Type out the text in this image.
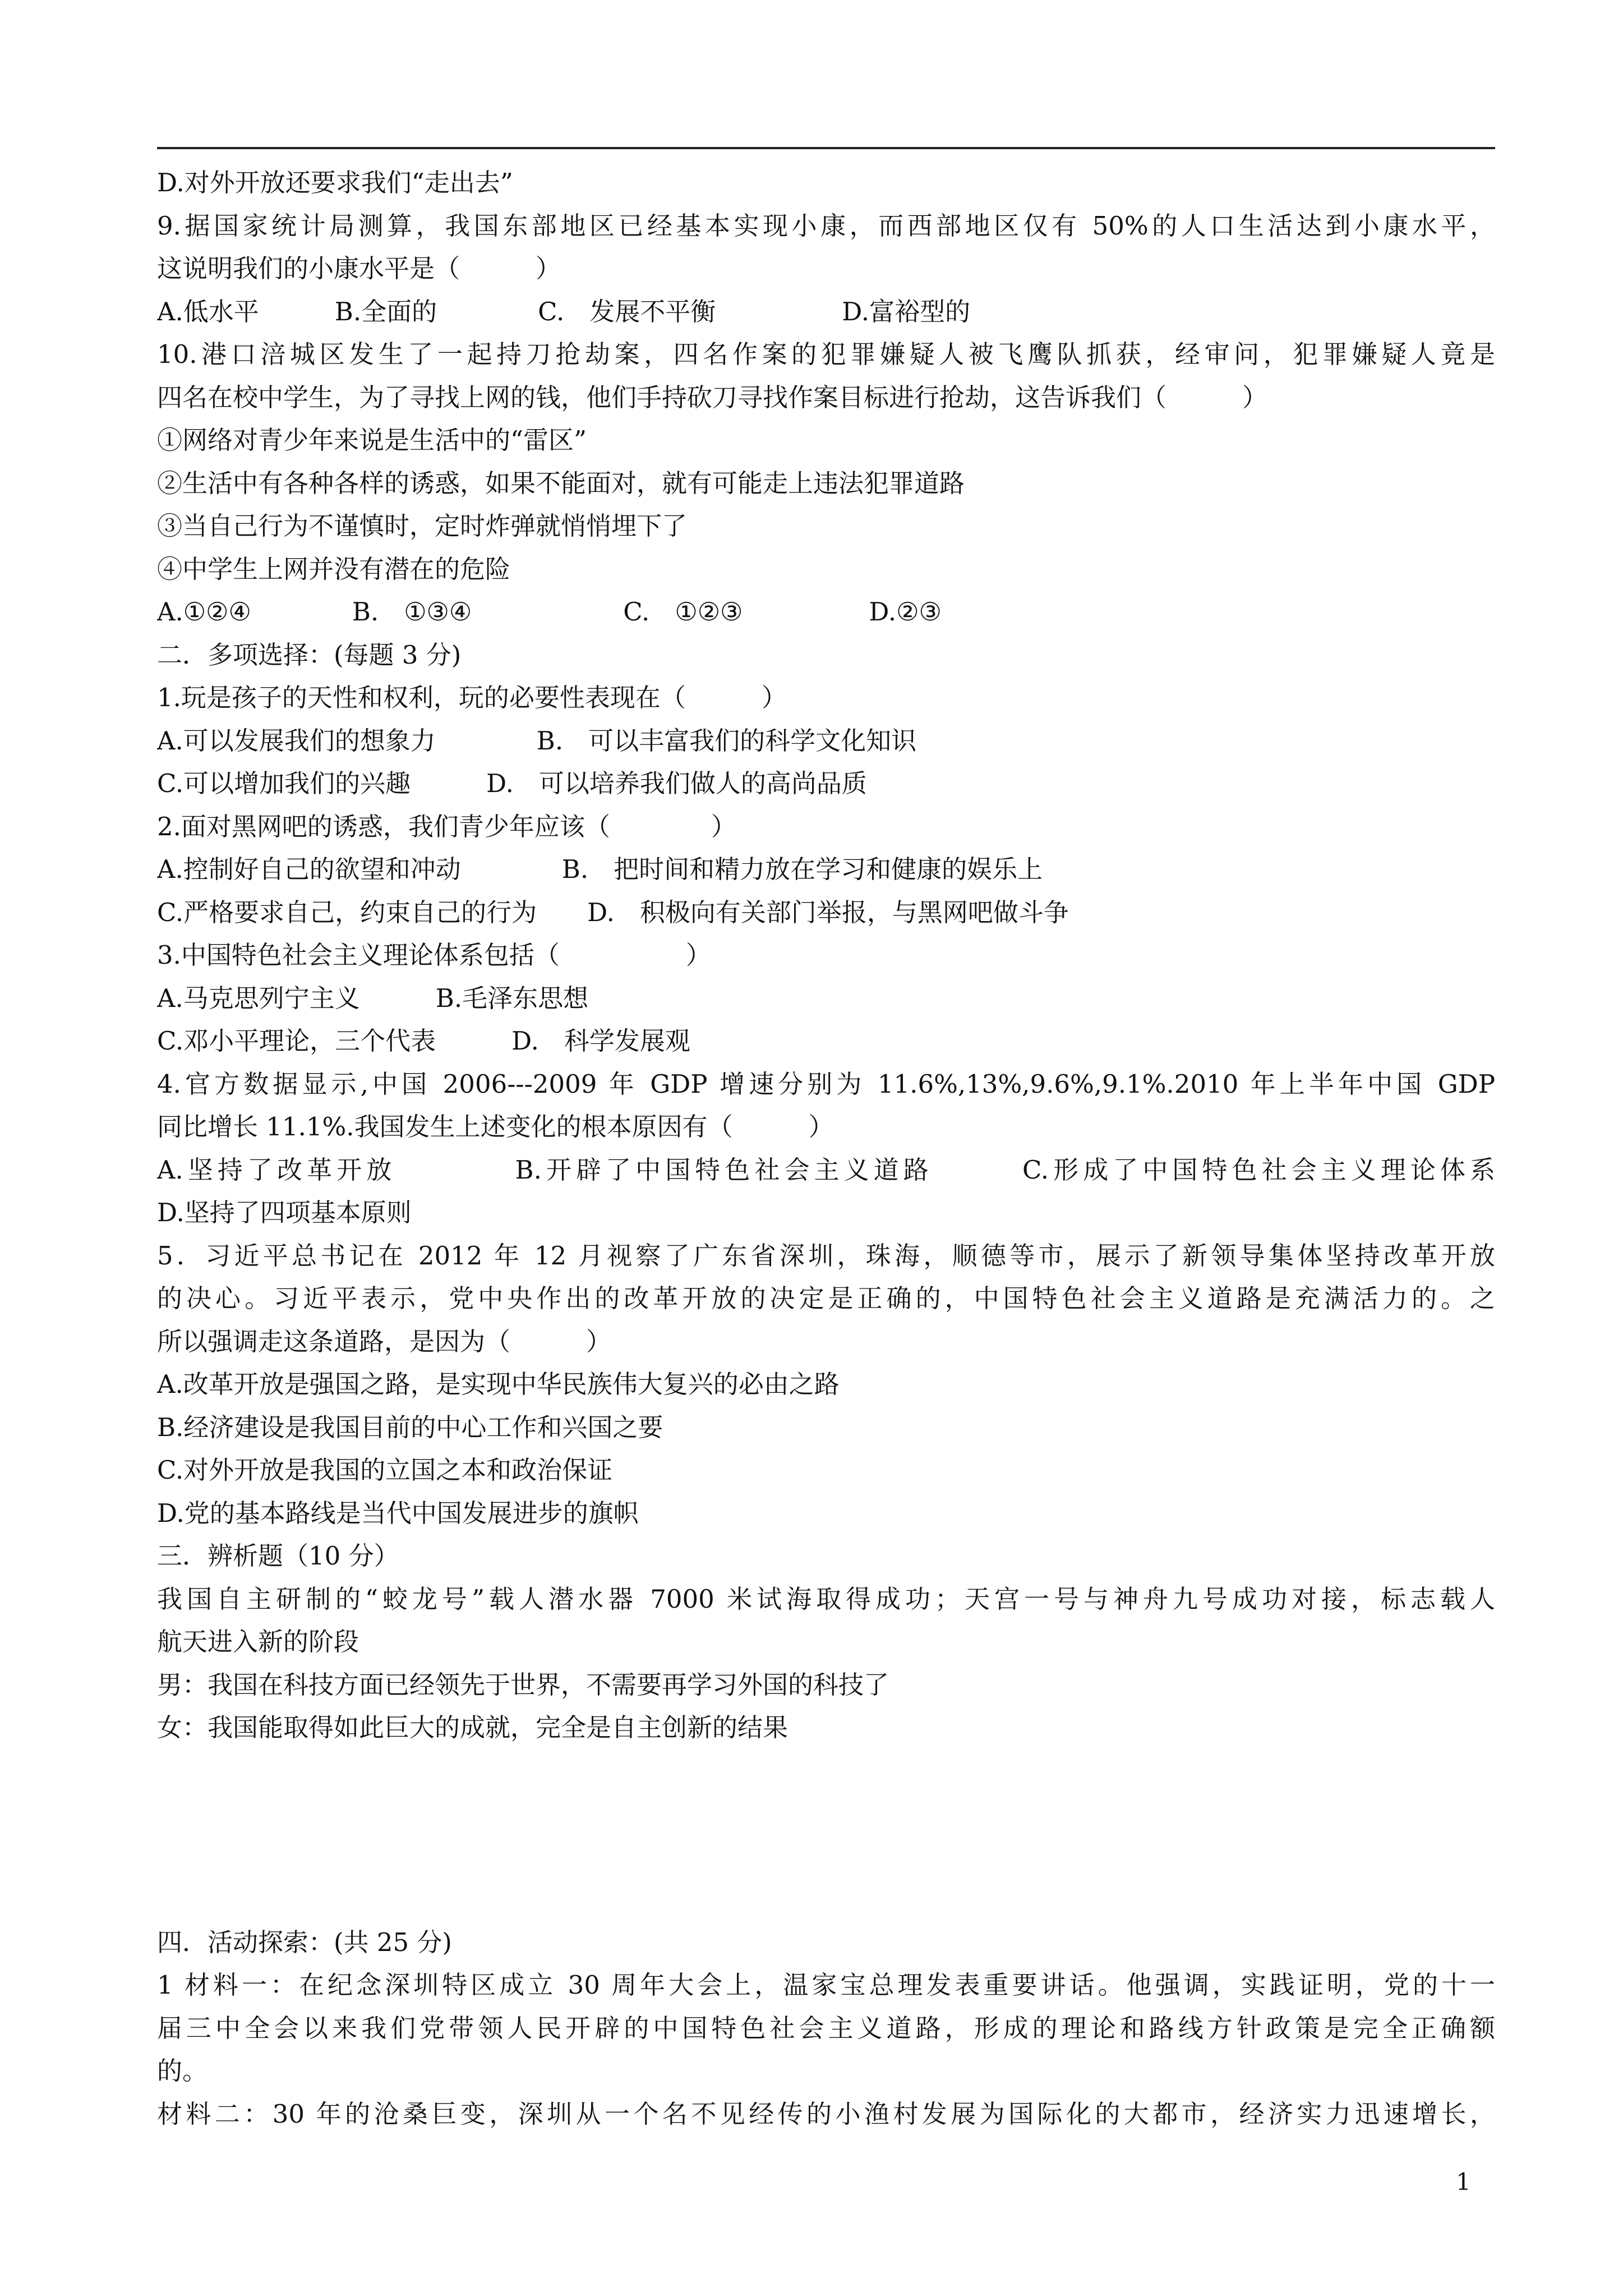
D.对外开放还要求我们“走出去”
9.据国家统计局测算，我国东部地区已经基本实现小康，而西部地区仅有 50%的人口生活达到小康水平，
这说明我们的小康水平是（　　　）
A.低水平　　　B.全面的　　　　C.　发展不平衡　　　　　D.富裕型的
10.港口涪城区发生了一起持刀抢劫案，四名作案的犯罪嫌疑人被飞鹰队抓获，经审问，犯罪嫌疑人竟是
四名在校中学生，为了寻找上网的钱，他们手持砍刀寻找作案目标进行抢劫，这告诉我们（　　　）
①网络对青少年来说是生活中的“雷区”
②生活中有各种各样的诱惑，如果不能面对，就有可能走上违法犯罪道路
③当自己行为不谨慎时，定时炸弹就悄悄埋下了
④中学生上网并没有潜在的危险
A.①②④　　　　B.　①③④　　　　　　C.　①②③　　　　　D.②③
二．多项选择：(每题 3 分)
1.玩是孩子的天性和权利，玩的必要性表现在（　　　）
A.可以发展我们的想象力　　　　B.　可以丰富我们的科学文化知识
C.可以增加我们的兴趣　　　D.　可以培养我们做人的高尚品质
2.面对黑网吧的诱惑，我们青少年应该（　　　　）
A.控制好自己的欲望和冲动　　　　B.　把时间和精力放在学习和健康的娱乐上
C.严格要求自己，约束自己的行为　　D.　积极向有关部门举报，与黑网吧做斗争
3.中国特色社会主义理论体系包括（　　　　　）
A.马克思列宁主义　　　B.毛泽东思想
C.邓小平理论，三个代表　　　D.　科学发展观
4.官方数据显示,中国 2006---2009 年 GDP 增速分别为 11.6%,13%,9.6%,9.1%.2010 年上半年中国 GDP
同比增长 11.1%.我国发生上述变化的根本原因有（　　　）
A.坚持了改革开放　　　　B.开辟了中国特色社会主义道路　　　C.形成了中国特色社会主义理论体系
D.坚持了四项基本原则
5．习近平总书记在 2012 年 12 月视察了广东省深圳，珠海，顺德等市，展示了新领导集体坚持改革开放
的决心。习近平表示，党中央作出的改革开放的决定是正确的，中国特色社会主义道路是充满活力的。之
所以强调走这条道路，是因为（　　　）
A.改革开放是强国之路，是实现中华民族伟大复兴的必由之路
B.经济建设是我国目前的中心工作和兴国之要
C.对外开放是我国的立国之本和政治保证
D.党的基本路线是当代中国发展进步的旗帜
三．辨析题（10 分）
我国自主研制的“蛟龙号”载人潜水器 7000 米试海取得成功；天宫一号与神舟九号成功对接，标志载人
航天进入新的阶段
男：我国在科技方面已经领先于世界，不需要再学习外国的科技了
女：我国能取得如此巨大的成就，完全是自主创新的结果
四．活动探索：(共 25 分)
1 材料一：在纪念深圳特区成立 30 周年大会上，温家宝总理发表重要讲话。他强调，实践证明，党的十一
届三中全会以来我们党带领人民开辟的中国特色社会主义道路，形成的理论和路线方针政策是完全正确额
的。
材料二：30 年的沧桑巨变，深圳从一个名不见经传的小渔村发展为国际化的大都市，经济实力迅速增长，
1
